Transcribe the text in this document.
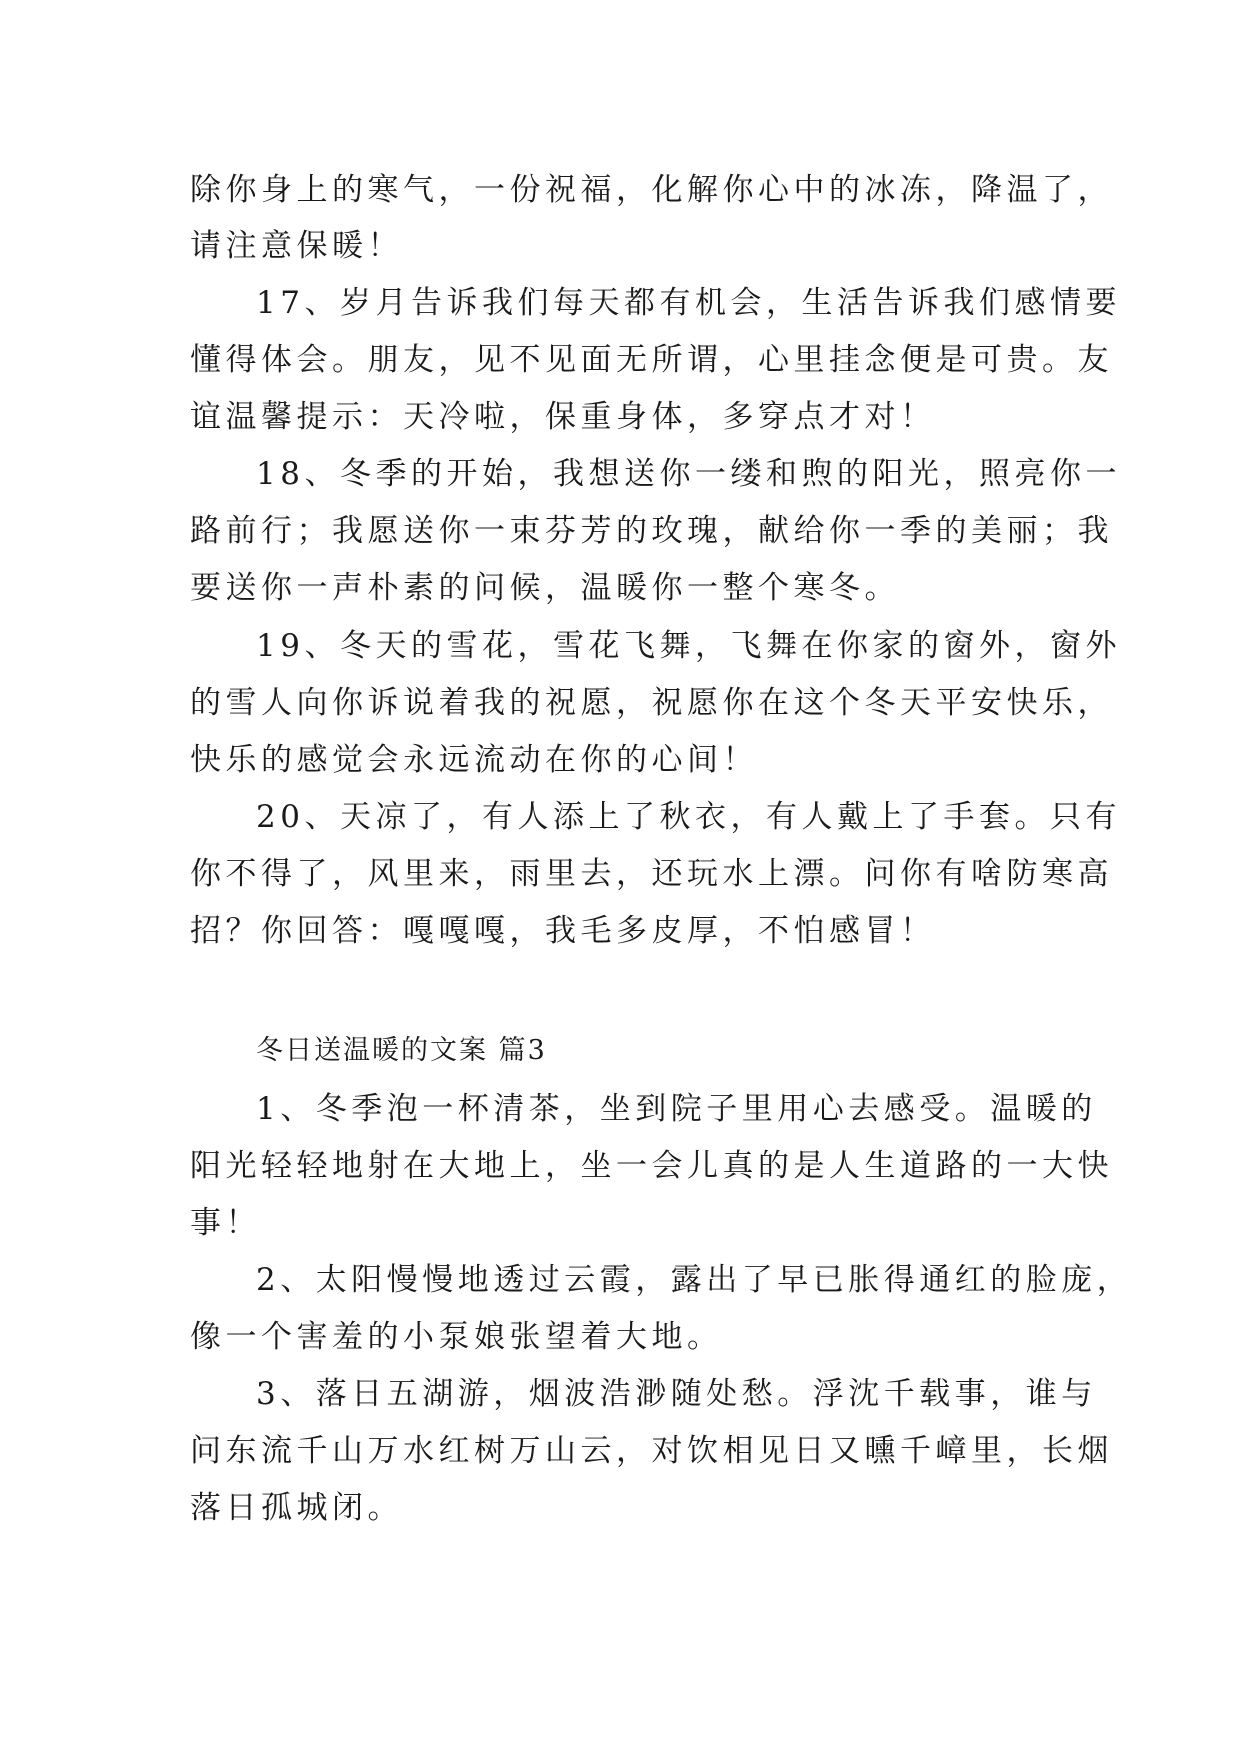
除你身上的寒气，一份祝福，化解你心中的冰冻，降温了，
请注意保暖！
17、岁月告诉我们每天都有机会，生活告诉我们感情要
懂得体会。朋友，见不见面无所谓，心里挂念便是可贵。友
谊温馨提示：天冷啦，保重身体，多穿点才对！
18、冬季的开始，我想送你一缕和煦的阳光，照亮你一
路前行；我愿送你一束芬芳的玫瑰，献给你一季的美丽；我
要送你一声朴素的问候，温暖你一整个寒冬。
19、冬天的雪花，雪花飞舞，飞舞在你家的窗外，窗外
的雪人向你诉说着我的祝愿，祝愿你在这个冬天平安快乐，
快乐的感觉会永远流动在你的心间！
20、天凉了，有人添上了秋衣，有人戴上了手套。只有
你不得了，风里来，雨里去，还玩水上漂。问你有啥防寒高
招？你回答：嘎嘎嘎，我毛多皮厚，不怕感冒！
冬日送温暖的文案 篇3
1、冬季泡一杯清茶，坐到院子里用心去感受。温暖的
阳光轻轻地射在大地上，坐一会儿真的是人生道路的一大快
事！
2、太阳慢慢地透过云霞，露出了早已胀得通红的脸庞，
像一个害羞的小泵娘张望着大地。
3、落日五湖游，烟波浩渺随处愁。浮沈千载事，谁与
问东流千山万水红树万山云，对饮相见日又曛千嶂里，长烟
落日孤城闭。
